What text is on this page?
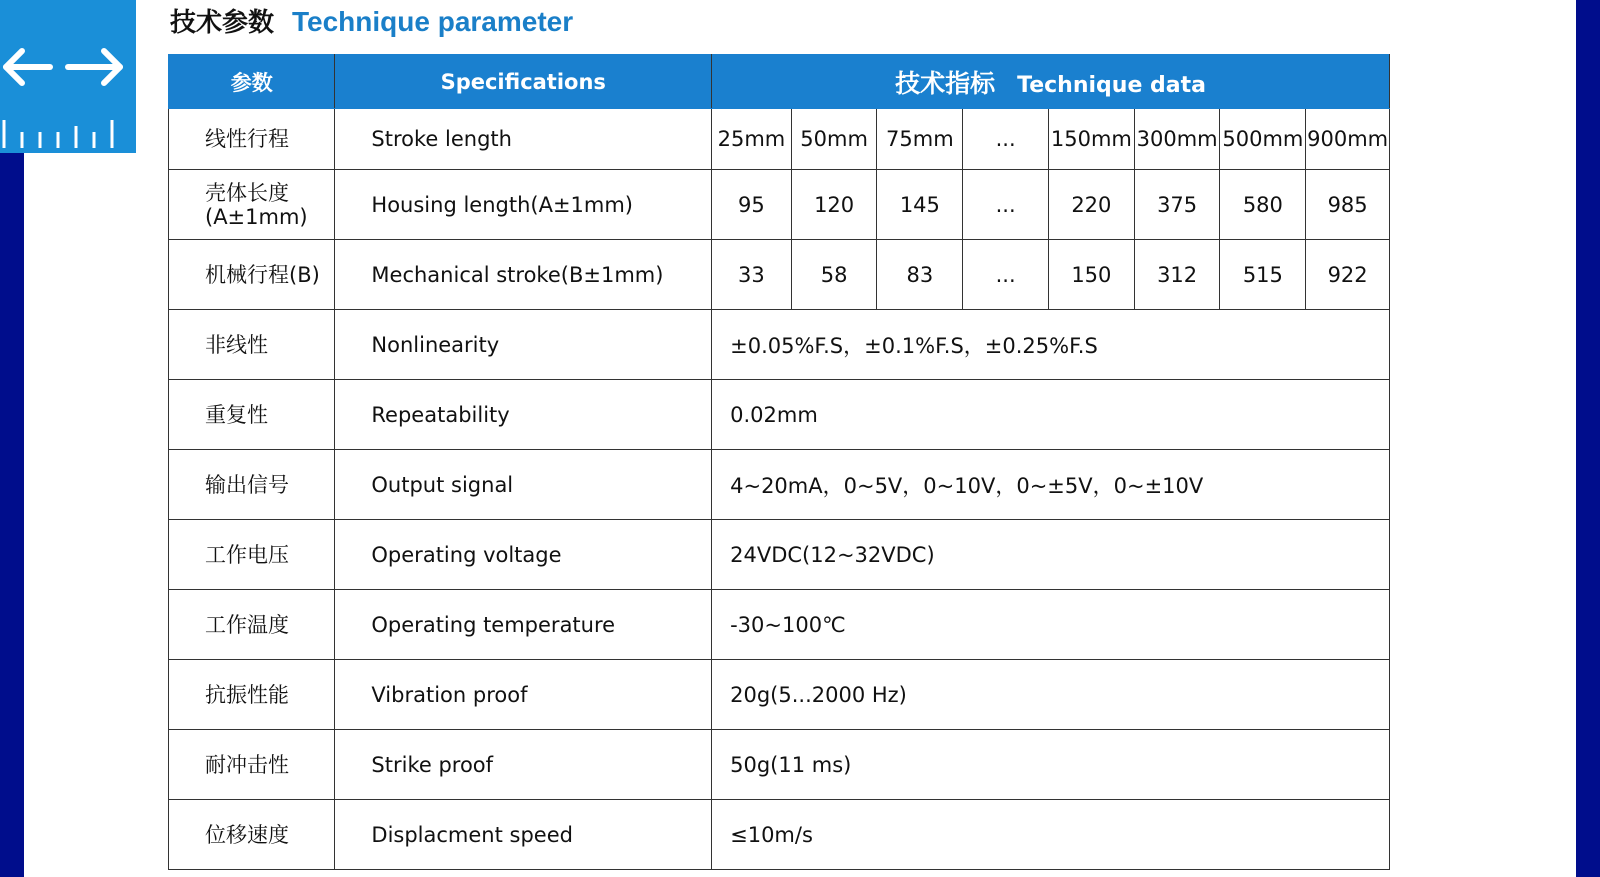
技术参数 Technique parameter
参数	Specifications	技术指标 Technique data							
线性行程	Stroke length	25mm	50mm	75mm	...	150mm	300mm	500mm	900mm
壳体长度 (A±1mm)	Housing length(A±1mm)	95	120	145	...	220	375	580	985
机械行程(B)	Mechanical stroke(B±1mm)	33	58	83	...	150	312	515	922
非线性	Nonlinearity	±0.05%F.S，±0.1%F.S，±0.25%F.S							
重复性	Repeatability	0.02mm							
输出信号	Output signal	4~20mA，0~5V，0~10V，0~±5V，0~±10V							
工作电压	Operating voltage	24VDC(12~32VDC)							
工作温度	Operating temperature	-30~100℃							
抗振性能	Vibration proof	20g(5...2000 Hz)							
耐冲击性	Strike proof	50g(11 ms)							
位移速度	Displacment speed	≤10m/s							
